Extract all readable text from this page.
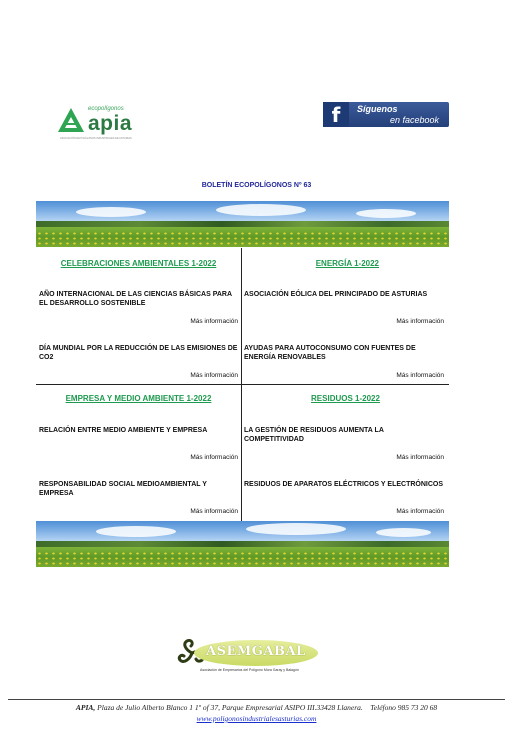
ecopolígonos
apia
ASOCIACIÓN DE POLÍGONOS INDUSTRIALES DE ASTURIAS
f	Síguenos
en facebook
BOLETÍN ECOPOLÍGONOS Nº 63
CELEBRACIONES AMBIENTALES 1-2022
AÑO INTERNACIONAL DE LAS CIENCIAS BÁSICAS PARA EL DESARROLLO SOSTENIBLE
Más información
DÍA MUNDIAL POR LA REDUCCIÓN DE LAS EMISIONES DE CO2
Más información
ENERGÍA 1-2022
ASOCIACIÓN EÓLICA DEL PRINCIPADO DE ASTURIAS
Más información
AYUDAS PARA AUTOCONSUMO CON FUENTES DE ENERGÍA RENOVABLES
Más información
EMPRESA Y MEDIO AMBIENTE 1-2022
RELACIÓN ENTRE MEDIO AMBIENTE Y EMPRESA
Más información
RESPONSABILIDAD SOCIAL MEDIOAMBIENTAL Y EMPRESA
Más información
RESIDUOS 1-2022
LA GESTIÓN DE RESIDUOS AUMENTA LA COMPETITIVIDAD
Más información
RESIDUOS DE APARATOS ELÉCTRICOS Y ELECTRÓNICOS
Más información
ASEMGABAL
Asociación de Empresarios del Polígono Mora Garay y Balagón
APIA, Plaza de Julio Alberto Blanco 1 1º of 37, Parque Empresarial ASIPO III.33428 Llanera. Teléfono 985 73 20 68
www.poligonosindustrialesasturias.com
